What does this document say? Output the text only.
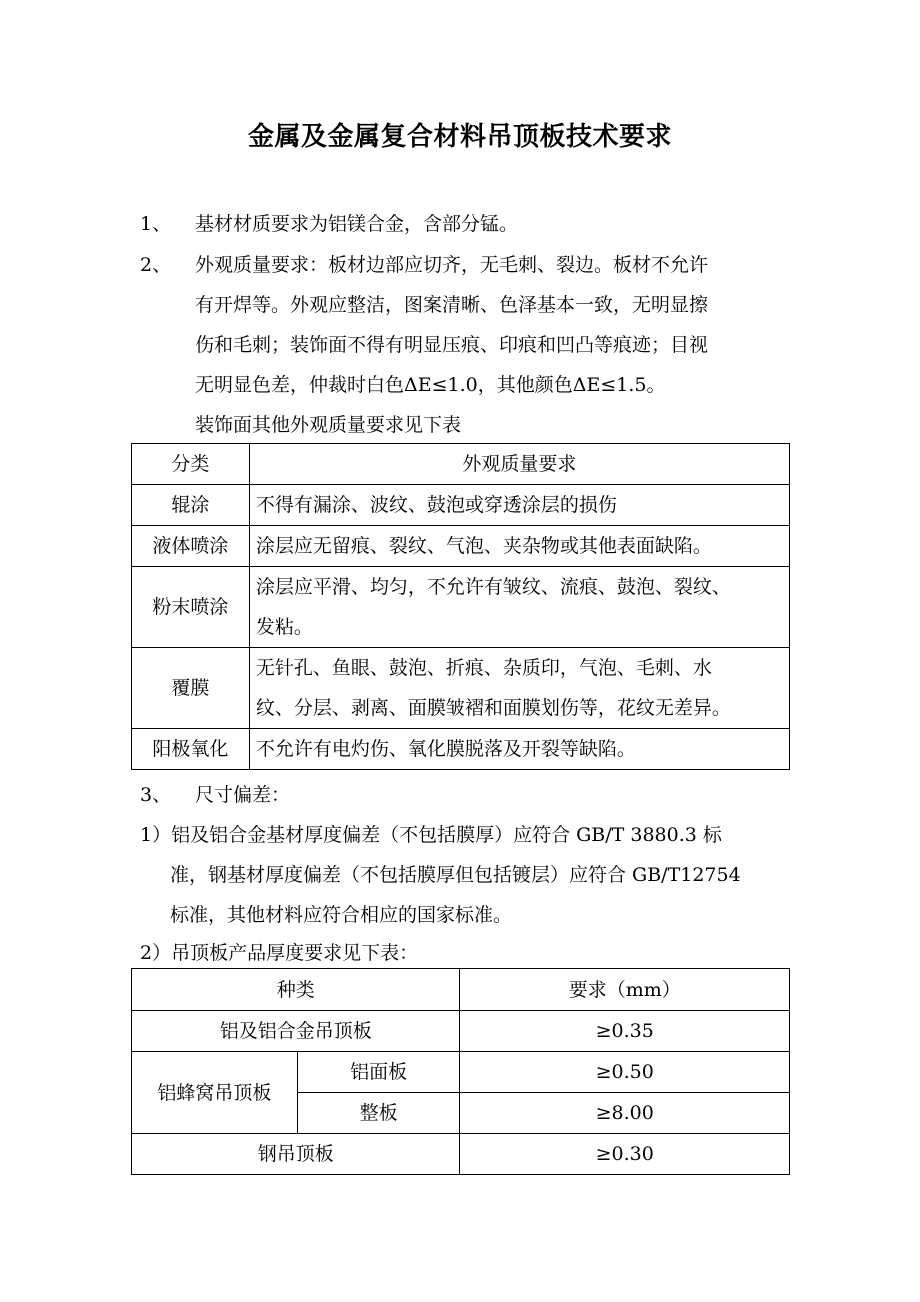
金属及金属复合材料吊顶板技术要求
1、 基材材质要求为铝镁合金，含部分锰。
2、 外观质量要求：板材边部应切齐，无毛刺、裂边。板材不允许
有开焊等。外观应整洁，图案清晰、色泽基本一致，无明显擦
伤和毛刺；装饰面不得有明显压痕、印痕和凹凸等痕迹；目视
无明显色差，仲裁时白色ΔE≤1.0，其他颜色ΔE≤1.5。
装饰面其他外观质量要求见下表
分类	外观质量要求
辊涂	不得有漏涂、波纹、鼓泡或穿透涂层的损伤
液体喷涂	涂层应无留痕、裂纹、气泡、夹杂物或其他表面缺陷。
粉末喷涂	涂层应平滑、均匀，不允许有皱纹、流痕、鼓泡、裂纹、
发粘。

覆膜	无针孔、鱼眼、鼓泡、折痕、杂质印，气泡、毛刺、水
纹、分层、剥离、面膜皱褶和面膜划伤等，花纹无差异。

阳极氧化	不允许有电灼伤、氧化膜脱落及开裂等缺陷。
3、 尺寸偏差：
1）铝及铝合金基材厚度偏差（不包括膜厚）应符合 GB/T 3880.3 标
准，钢基材厚度偏差（不包括膜厚但包括镀层）应符合 GB/T12754
标准，其他材料应符合相应的国家标准。
2）吊顶板产品厚度要求见下表：
种类		要求（mm）
铝及铝合金吊顶板		≥0.35
铝蜂窝吊顶板	铝面板	≥0.50
	整板	≥8.00
钢吊顶板		≥0.30
